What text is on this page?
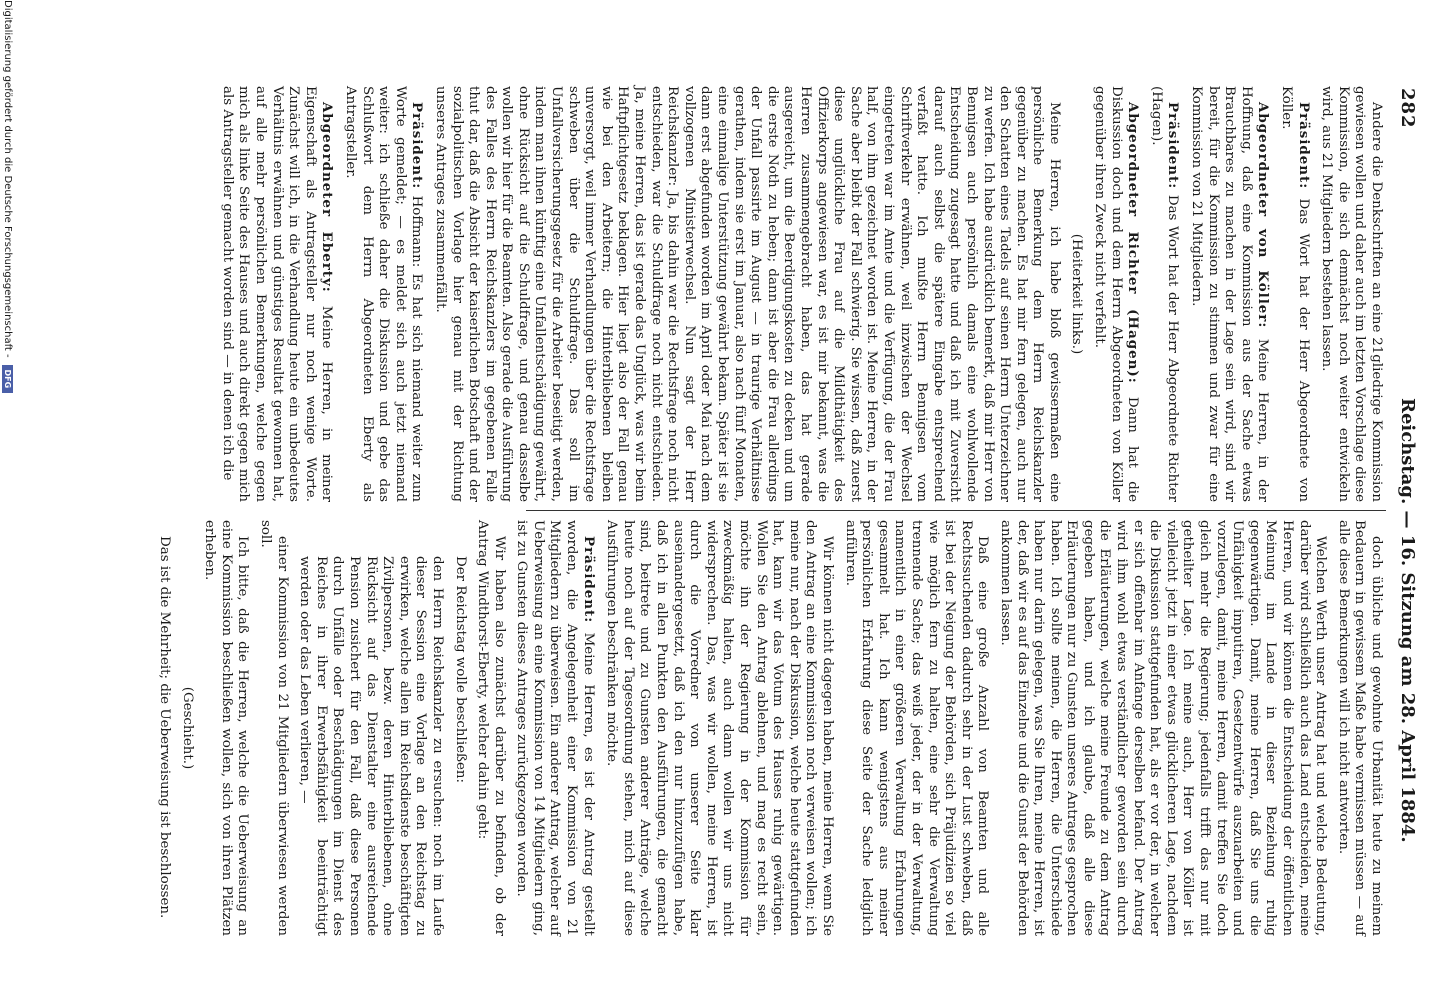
282
Reichstag. — 16. Sitzung am 28. April 1884.

Andere die Denkschriften an eine 21gliedrige Kommission gewiesen wollen und daher auch im letzten Vorschlage diese Kommission, die sich demnächst noch weiter entwickeln wird, aus 21 Mitgliedern bestehen lassen.

Präsident: Das Wort hat der Herr Abgeordnete von Köller.

Abgeordneter von Köller: Meine Herren, in der Hoffnung, daß eine Kommission aus der Sache etwas Brauchbares zu machen in der Lage sein wird, sind wir bereit, für die Kommission zu stimmen und zwar für eine Kommission von 21 Mitgliedern.

Präsident: Das Wort hat der Herr Abgeordnete Richter (Hagen).

Abgeordneter Richter (Hagen): Dann hat die Diskussion doch und dem Herrn Abgeordneten von Köller gegenüber ihren Zweck nicht verfehlt.

(Heiterkeit links.)

Meine Herren, ich habe bloß gewissermaßen eine persönliche Bemerkung dem Herrn Reichskanzler gegenüber zu machen. Es hat mir fern gelegen, auch nur den Schatten eines Tadels auf seinen Herrn Unterzeichner zu werfen. Ich habe ausdrücklich bemerkt, daß mir Herr von Bennigsen auch persönlich damals eine wohlwollende Entscheidung zugesagt hatte und daß ich mit Zuversicht darauf auch selbst die spätere Eingabe entsprechend verfaßt hatte. Ich mußte Herrn Bennigsen vom Schriftverkehr erwähnen, weil inzwischen der Wechsel eingetreten war im Amte und die Verfügung, die der Frau half, von ihm gezeichnet worden ist. Meine Herren, in der Sache aber bleibt der Fall schwierig. Sie wissen, daß zuerst diese unglückliche Frau auf die Mildthätigkeit des Offizierkorps angewiesen war, es ist mir bekannt, was die Herren zusammengebracht haben, das hat gerade ausgereicht, um die Beerdigungskosten zu decken und um die erste Noth zu heben; dann ist aber die Frau allerdings der Unfall passirte im August — in traurige Verhältnisse gerathen, indem sie erst im Januar, also nach fünf Monaten, eine einmalige Unterstützung gewährt bekam. Später ist sie dann erst abgefunden worden im April oder Mai nach dem vollzogenen Ministerwechsel. Nun sagt der Herr Reichskanzler: Ja, bis dahin war die Rechtsfrage noch nicht entschieden, war die Schuldfrage noch nicht entschieden. Ja, meine Herren, das ist gerade das Unglück, was wir beim Haftpflichtgesetz beklagen. Hier liegt also der Fall genau wie bei den Arbeitern; die Hinterbliebenen bleiben unversorgt, weil immer Verhandlungen über die Rechtsfrage schweben über die Schuldfrage. Das soll im Unfallversicherungsgesetz für die Arbeiter beseitigt werden, indem man ihnen künftig eine Unfallentschädigung gewährt, ohne Rücksicht auf die Schuldfrage, und genau dasselbe wollen wir hier für die Beamten. Also gerade die Ausführung des Falles des Herrn Reichskanzlers im gegebenen Falle thut dar, daß die Absicht der kaiserlichen Botschaft und der sozialpolitischen Vorlage hier genau mit der Richtung unseres Antrages zusammenfällt.

Präsident: Hoffmann: Es hat sich niemand weiter zum Worte gemeldet; — es meldet sich auch jetzt niemand weiter: ich schließe daher die Diskussion und gebe das Schlußwort dem Herrn Abgeordneten Eberty als Antragsteller.

Abgeordneter Eberty: Meine Herren, in meiner Eigenschaft als Antragsteller nur noch wenige Worte. Zunächst will ich, in die Verhandlung heute ein unbedeutes Verhältnis erwähnen und günstiges Resultat gewonnen hat, auf alle mehr persönlichen Bemerkungen, welche gegen mich als linke Seite des Hauses und auch direkt gegen mich als Antragsteller gemacht worden sind — in denen ich die

doch übliche und gewohnte Urbanität heute zu meinem Bedauern in gewissem Maße habe vermissen müssen — auf alle diese Bemerkungen will ich nicht antworten.

Welchen Werth unser Antrag hat und welche Bedeutung, darüber wird schließlich auch das Land entscheiden, meine Herren, und wir können die Entscheidung der öffentlichen Meinung im Lande in dieser Beziehung ruhig gegenwärtigen. Damit, meine Herren, daß Sie uns die Unfähigkeit imputiren, Gesetzentwürfe auszuarbeiten und vorzulegen, damit, meine Herren, damit treffen Sie doch gleich mehr die Regierung; jedenfalls trifft das nur mit getheilter Lage. Ich meine auch, Herr von Köller ist vielleicht jetzt in einer etwas glücklicheren Lage, nachdem die Diskussion stattgefunden hat, als er vor der, in welcher er sich offenbar im Anfange derselben befand. Der Antrag wird ihm wohl etwas verständlicher geworden sein durch die Erläuterungen, welche meine Freunde zu dem Antrag gegeben haben, und ich glaube, daß alle diese Erläuterungen nur zu Gunsten unseres Antrages gesprochen haben. Ich sollte meinen, die Herren, die Unterschiede haben nur darin gelegen, was Sie Ihren, meine Herren, ist der, daß wir es auf das Einzelne und die Gunst der Behörden ankommen lassen.

Daß eine große Anzahl von Beamten und alle Rechtssuchenden dadurch sehr in der Lust schweben, daß ist bei der Neigung der Behörden, sich Präjudizien so viel wie möglich fern zu halten, eine sehr die Verwaltung trennende Sache; das weiß jeder, der in der Verwaltung, namentlich in einer größeren Verwaltung Erfahrungen gesammelt hat. Ich kann wenigstens aus meiner persönlichen Erfahrung diese Seite der Sache lediglich anführen.

Wir können nicht dagegen haben, meine Herren, wenn Sie den Antrag an eine Kommission noch verweisen wollen; ich meine nur, nach der Diskussion, welche heute stattgefunden hat, kann wir das Votum des Hauses ruhig gewärtigen. Wollen Sie den Antrag ablehnen, und mag es recht sein, möchte ihn der Regierung in der Kommission für zweckmäßig halten, auch dann wollen wir uns nicht widersprechen. Das, was wir wollen, meine Herren, ist durch die Vorredner von unserer Seite klar auseinandergesetzt, daß ich den nur hinzuzufügen habe, daß ich in allen Punkten den Ausführungen, die gemacht sind, beitrete und zu Gunsten anderer Anträge, welche heute noch auf der Tagesordnung stehen, mich auf diese Ausführungen beschränken möchte.

Präsident: Meine Herren, es ist der Antrag gestellt worden, die Angelegenheit einer Kommission von 21 Mitgliedern zu überweisen. Ein anderer Antrag, welcher auf Ueberweisung an eine Kommission von 14 Mitgliedern ging, ist zu Gunsten dieses Antrages zurückgezogen worden.

Wir haben also zunächst darüber zu befinden, ob der Antrag Windthorst-Eberty, welcher dahin geht:

Der Reichstag wolle beschließen:

den Herrn Reichskanzler zu ersuchen: noch im Laufe dieser Session eine Vorlage an den Reichstag zu erwirken, welche allen im Reichsdienste beschäftigten Zivilpersonen, bezw. deren Hinterbliebenen, ohne Rücksicht auf das Dienstalter eine ausreichende Pension zusichert für den Fall, daß diese Personen durch Unfälle oder Beschädigungen im Dienst des Reiches in ihrer Erwerbsfähigkeit beeinträchtigt werden oder das Leben verlieren, —

einer Kommission von 21 Mitgliedern überwiesen werden soll.

Ich bitte, daß die Herren, welche die Ueberweisung an eine Kommission beschließen wollen, sich von ihren Plätzen erheben.

(Geschieht.)

Das ist die Mehrheit; die Ueberweisung ist beschlossen.

Digitalisierung gefördert durch die Deutsche Forschungsgemeinschaft - DFG
